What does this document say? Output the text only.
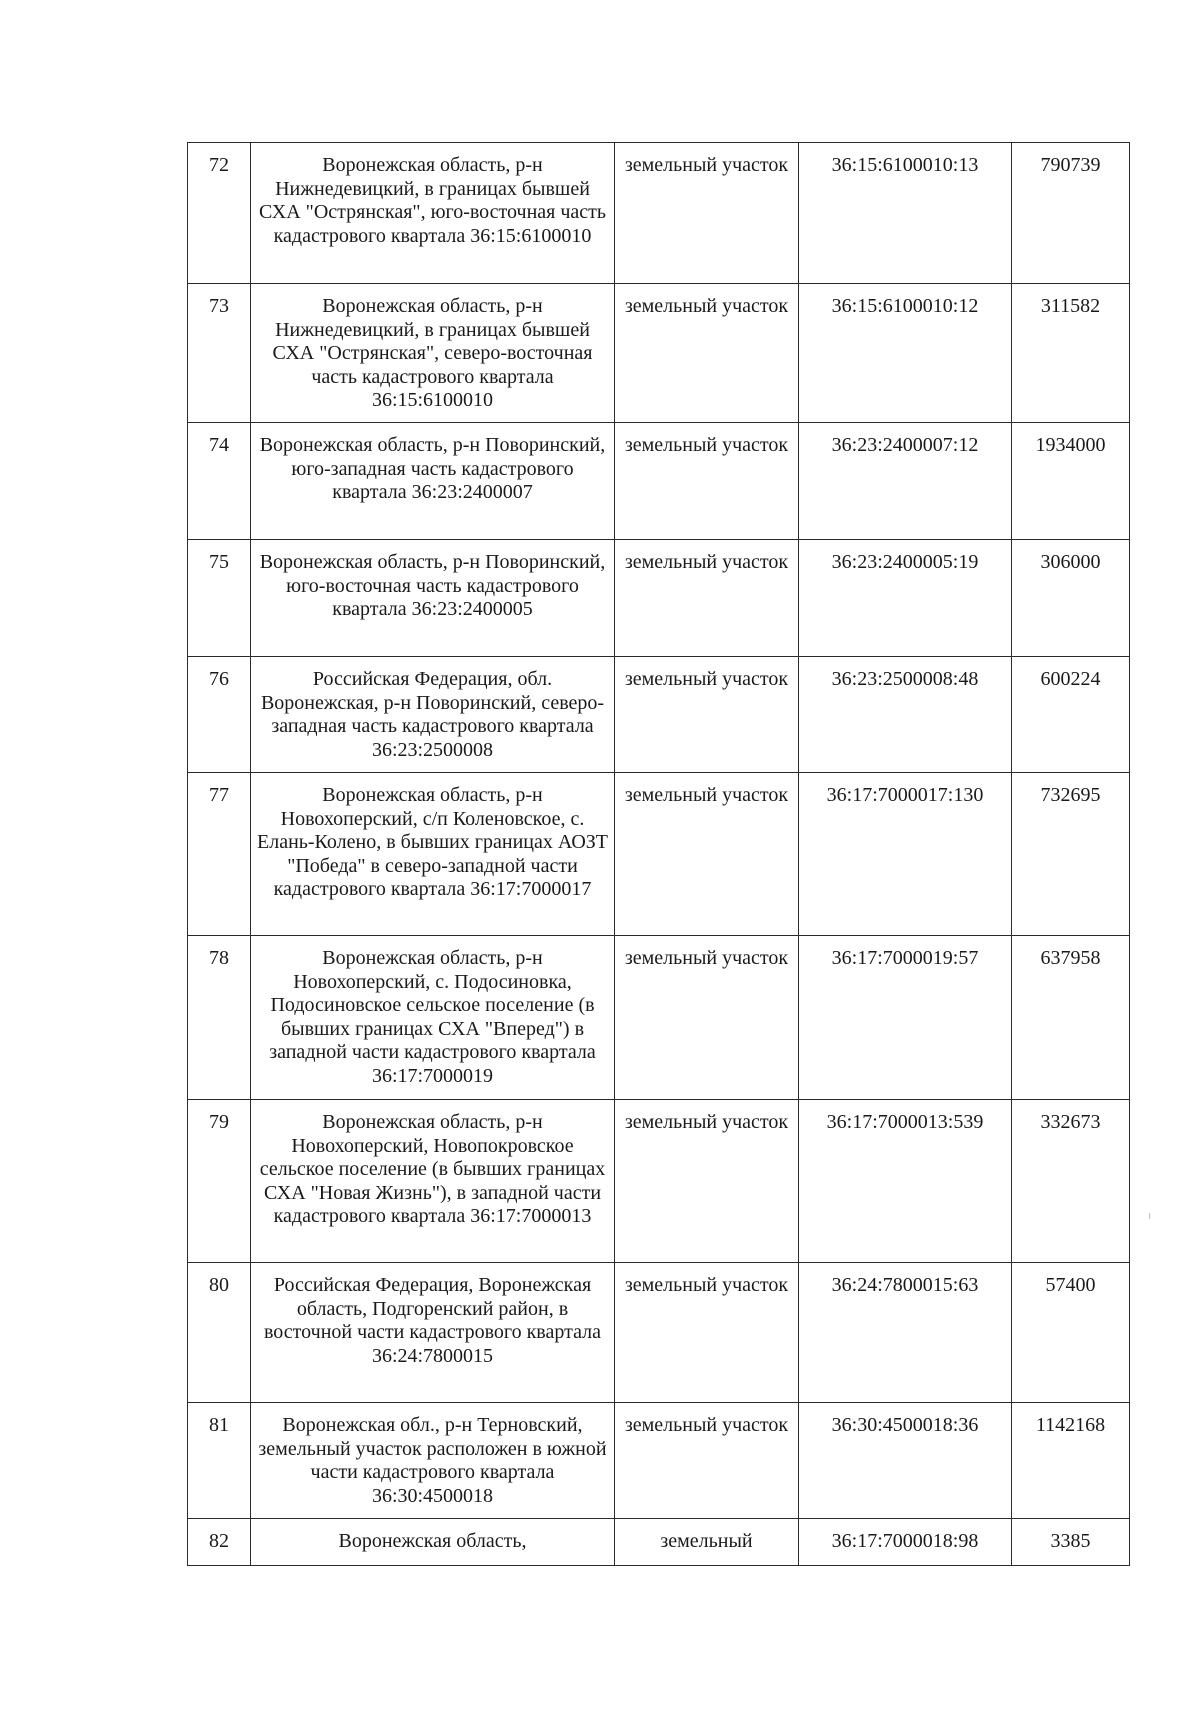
72	Воронежская область, р-н Нижнедевицкий, в границах бывшей СХА "Острянская", юго-восточная часть кадастрового квартала 36:15:6100010	земельный участок	36:15:6100010:13	790739
73	Воронежская область, р-н Нижнедевицкий, в границах бывшей СХА "Острянская", северо-восточная часть кадастрового квартала 36:15:6100010	земельный участок	36:15:6100010:12	311582
74	Воронежская область, р-н Поворинский, юго-западная часть кадастрового квартала 36:23:2400007	земельный участок	36:23:2400007:12	1934000
75	Воронежская область, р-н Поворинский, юго-восточная часть кадастрового квартала 36:23:2400005	земельный участок	36:23:2400005:19	306000
76	Российская Федерация, обл. Воронежская, р-н Поворинский, северо-западная часть кадастрового квартала 36:23:2500008	земельный участок	36:23:2500008:48	600224
77	Воронежская область, р-н Новохоперский, с/п Коленовское, с. Елань-Колено, в бывших границах АОЗТ "Победа" в северо-западной части кадастрового квартала 36:17:7000017	земельный участок	36:17:7000017:130	732695
78	Воронежская область, р-н Новохоперский, с. Подосиновка, Подосиновское сельское поселение (в бывших границах СХА "Вперед") в западной части кадастрового квартала 36:17:7000019	земельный участок	36:17:7000019:57	637958
79	Воронежская область, р-н Новохоперский, Новопокровское сельское поселение (в бывших границах СХА "Новая Жизнь"), в западной части кадастрового квартала 36:17:7000013	земельный участок	36:17:7000013:539	332673
80	Российская Федерация, Воронежская область, Подгоренский район, в восточной части кадастрового квартала 36:24:7800015	земельный участок	36:24:7800015:63	57400
81	Воронежская обл., р-н Терновский, земельный участок расположен в южной части кадастрового квартала 36:30:4500018	земельный участок	36:30:4500018:36	1142168
82	Воронежская область,	земельный	36:17:7000018:98	3385
